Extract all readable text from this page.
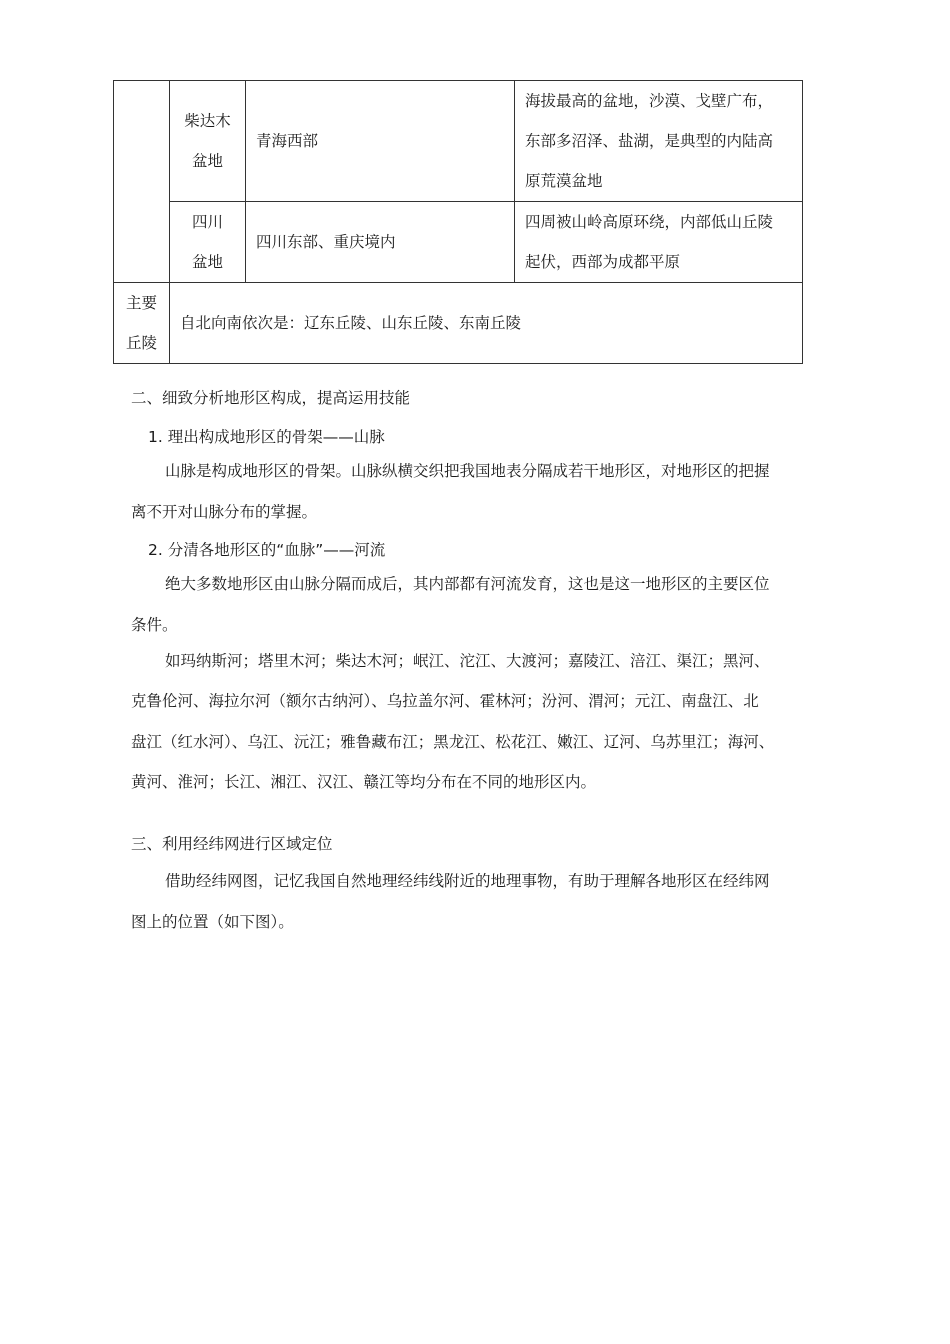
	柴达木
盆地	青海西部	海拔最高的盆地，沙漠、戈壁广布，
东部多沼泽、盐湖，是典型的内陆高
原荒漠盆地

	四川
盆地	四川东部、重庆境内	四周被山岭高原环绕，内部低山丘陵
起伏，西部为成都平原

主要
丘陵	自北向南依次是：辽东丘陵、山东丘陵、东南丘陵		
二、细致分析地形区构成，提高运用技能
1. 理出构成地形区的骨架——山脉
山脉是构成地形区的骨架。山脉纵横交织把我国地表分隔成若干地形区，对地形区的把握
离不开对山脉分布的掌握。
2. 分清各地形区的“血脉”——河流
绝大多数地形区由山脉分隔而成后，其内部都有河流发育，这也是这一地形区的主要区位
条件。
如玛纳斯河；塔里木河；柴达木河；岷江、沱江、大渡河；嘉陵江、涪江、渠江；黑河、
克鲁伦河、海拉尔河（额尔古纳河）、乌拉盖尔河、霍林河；汾河、渭河；元江、南盘江、北
盘江（红水河）、乌江、沅江；雅鲁藏布江；黑龙江、松花江、嫩江、辽河、乌苏里江；海河、
黄河、淮河；长江、湘江、汉江、赣江等均分布在不同的地形区内。
三、利用经纬网进行区域定位
借助经纬网图，记忆我国自然地理经纬线附近的地理事物，有助于理解各地形区在经纬网
图上的位置（如下图）。
